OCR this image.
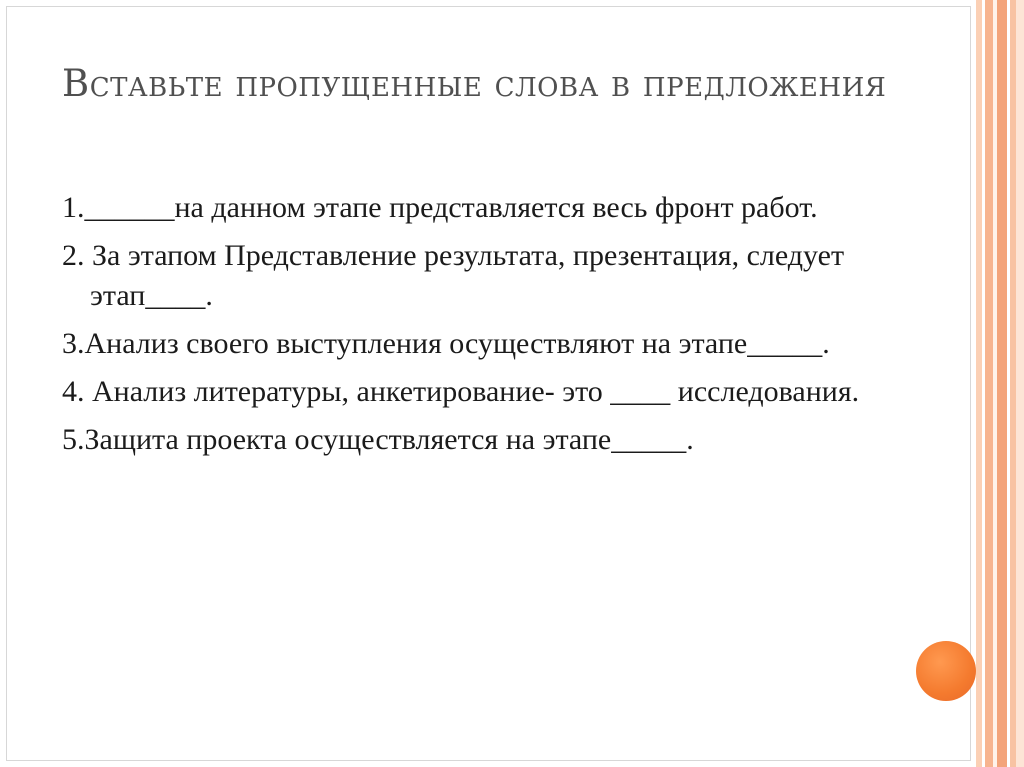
Вставьте пропущенные слова в предложения
1.______на данном этапе представляется весь фронт работ.
2. За этапом Представление результата, презентация, следует этап____.
3.Анализ своего выступления осуществляют на этапе_____.
4. Анализ литературы, анкетирование- это ____ исследования.
5.Защита проекта осуществляется на этапе_____.
